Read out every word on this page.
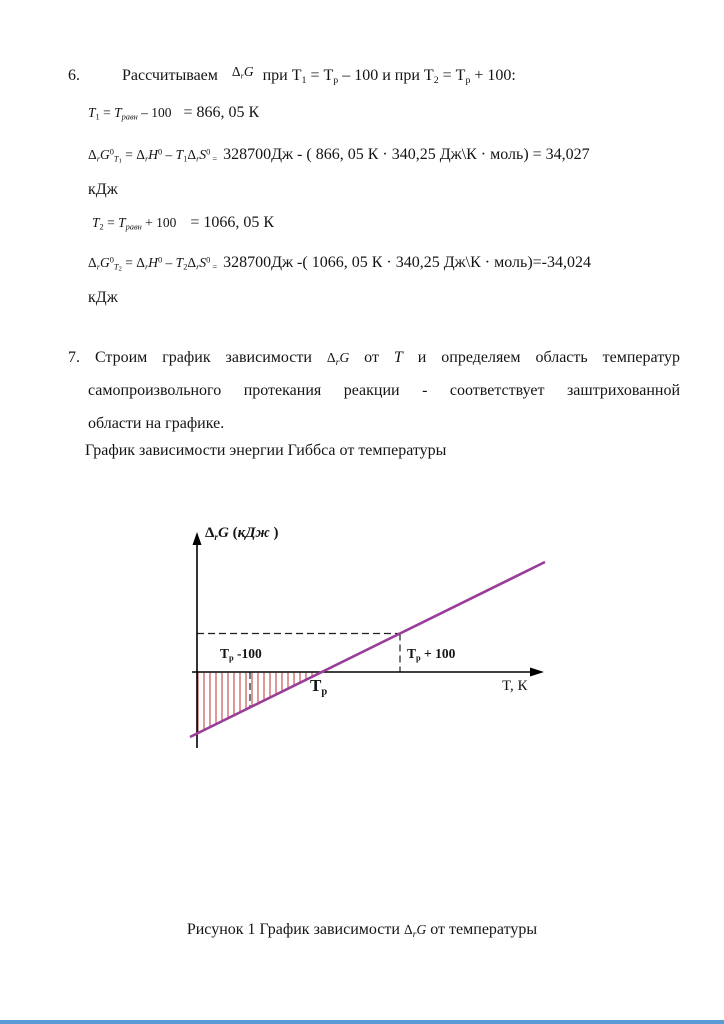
6.	Рассчитываем ΔrG при Т1 = Тр – 100 и при Т2 = Тр + 100:
T1 = Tравн – 100 = 866, 05 К
$\Delta rG^0T_1 = \Delta rH^0 - T1\Delta rS^0 = 328700Дж$ - ( 866, 05 К · 340,25 Дж\К · моль) = 34,027
кДж
T2 = Tравн + 100 = 1066, 05 К
$\Delta rG^0T_2 = \Delta rH^0 - T2\Delta rS^0 = 328700Дж$ -( 1066, 05 К · 340,25 Дж\К · моль)=-34,024
кДж
7. Строим график зависимости ΔrG от T и определяем область температур
самопроизвольного протекания реакции - соответствует заштрихованной
области на графике.
График зависимости энергии Гиббса от температуры
ΔrG (кДж )
Тр -100	Тр + 100
Тр	T, К
Рисунок 1 График зависимости ΔrG от температуры
